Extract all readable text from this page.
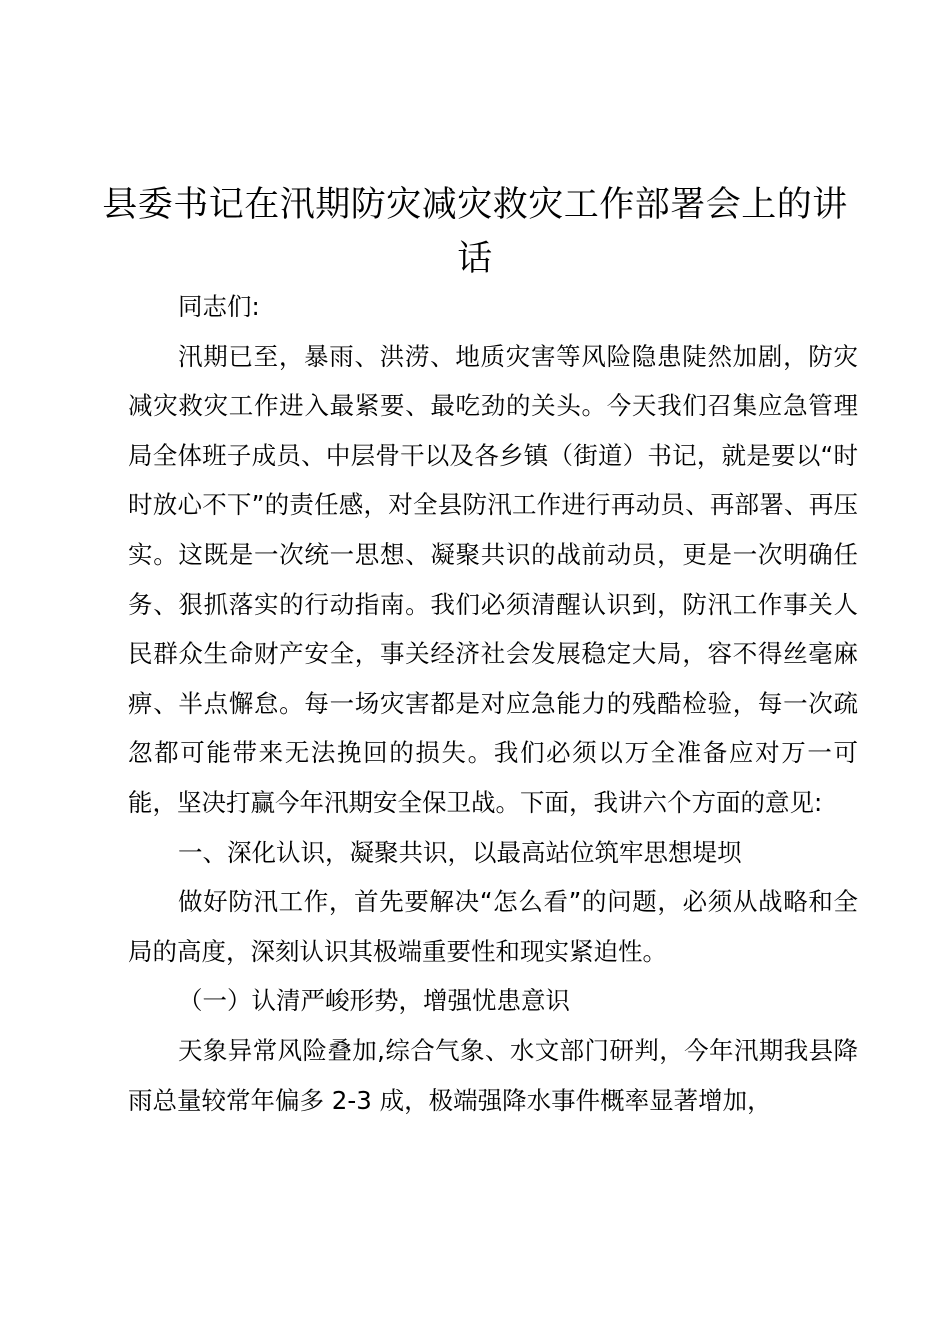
县委书记在汛期防灾减灾救灾工作部署会上的讲话

同志们:

汛期已至，暴雨、洪涝、地质灾害等风险隐患陡然加剧，防灾减灾救灾工作进入最紧要、最吃劲的关头。今天我们召集应急管理局全体班子成员、中层骨干以及各乡镇（街道）书记，就是要以“时时放心不下”的责任感，对全县防汛工作进行再动员、再部署、再压实。这既是一次统一思想、凝聚共识的战前动员，更是一次明确任务、狠抓落实的行动指南。我们必须清醒认识到，防汛工作事关人民群众生命财产安全，事关经济社会发展稳定大局，容不得丝毫麻痹、半点懈怠。每一场灾害都是对应急能力的残酷检验，每一次疏忽都可能带来无法挽回的损失。我们必须以万全准备应对万一可能，坚决打赢今年汛期安全保卫战。下面，我讲六个方面的意见:

一、深化认识，凝聚共识，以最高站位筑牢思想堤坝

做好防汛工作，首先要解决“怎么看”的问题，必须从战略和全局的高度，深刻认识其极端重要性和现实紧迫性。

（一）认清严峻形势，增强忧患意识

天象异常风险叠加,综合气象、水文部门研判，今年汛期我县降雨总量较常年偏多 2-3 成，极端强降水事件概率显著增加，
